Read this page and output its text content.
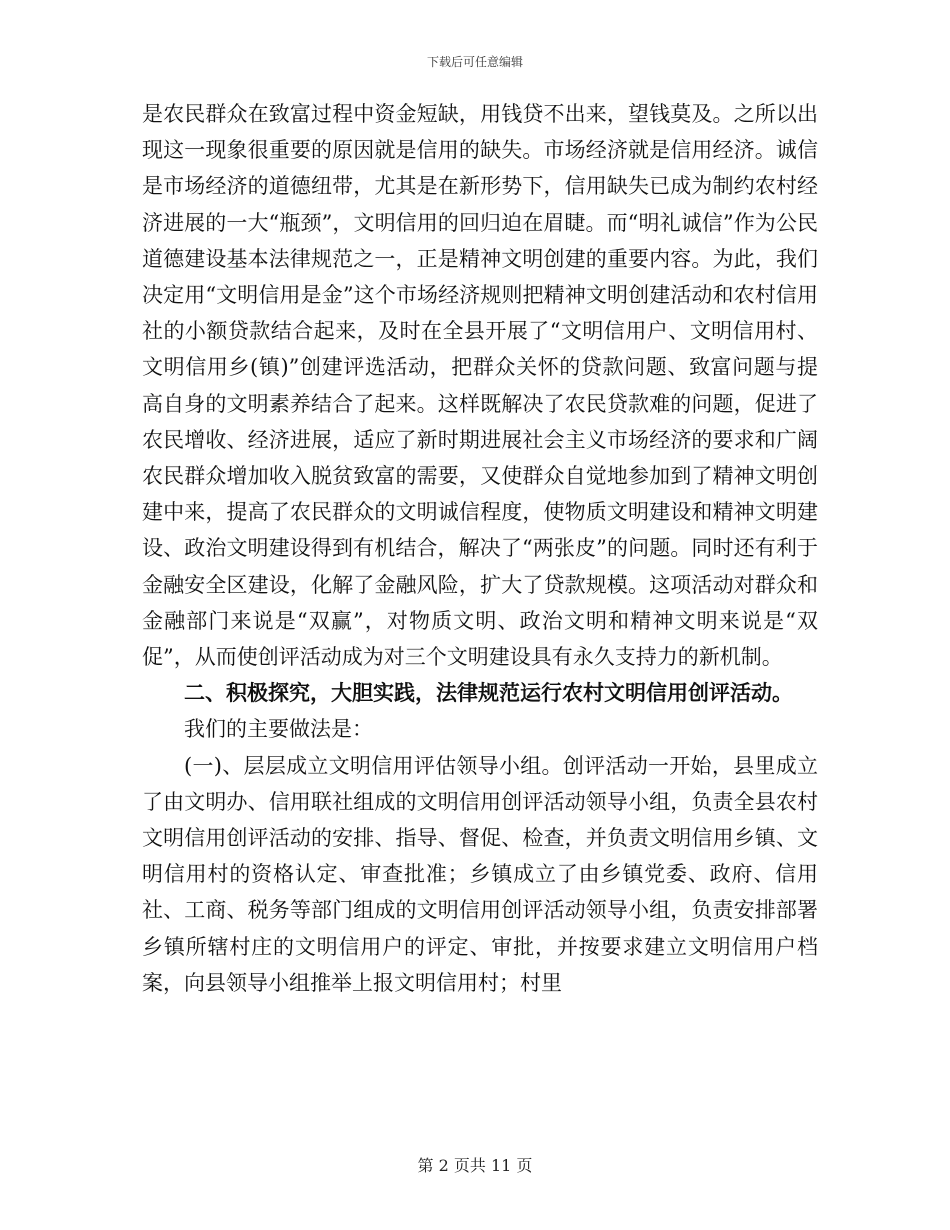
下载后可任意编辑

是农民群众在致富过程中资金短缺，用钱贷不出来，望钱莫及。之所以出现这一现象很重要的原因就是信用的缺失。市场经济就是信用经济。诚信是市场经济的道德纽带，尤其是在新形势下，信用缺失已成为制约农村经济进展的一大“瓶颈”，文明信用的回归迫在眉睫。而“明礼诚信”作为公民道德建设基本法律规范之一，正是精神文明创建的重要内容。为此，我们决定用“文明信用是金”这个市场经济规则把精神文明创建活动和农村信用社的小额贷款结合起来，及时在全县开展了“文明信用户、文明信用村、文明信用乡(镇)”创建评选活动，把群众关怀的贷款问题、致富问题与提高自身的文明素养结合了起来。这样既解决了农民贷款难的问题，促进了农民增收、经济进展，适应了新时期进展社会主义市场经济的要求和广阔农民群众增加收入脱贫致富的需要，又使群众自觉地参加到了精神文明创建中来，提高了农民群众的文明诚信程度，使物质文明建设和精神文明建设、政治文明建设得到有机结合，解决了“两张皮”的问题。同时还有利于金融安全区建设，化解了金融风险，扩大了贷款规模。这项活动对群众和金融部门来说是“双赢”，对物质文明、政治文明和精神文明来说是“双促”，从而使创评活动成为对三个文明建设具有永久支持力的新机制。

二、积极探究，大胆实践，法律规范运行农村文明信用创评活动。

我们的主要做法是：

(一)、层层成立文明信用评估领导小组。创评活动一开始，县里成立了由文明办、信用联社组成的文明信用创评活动领导小组，负责全县农村文明信用创评活动的安排、指导、督促、检查，并负责文明信用乡镇、文明信用村的资格认定、审查批准；乡镇成立了由乡镇党委、政府、信用社、工商、税务等部门组成的文明信用创评活动领导小组，负责安排部署乡镇所辖村庄的文明信用户的评定、审批，并按要求建立文明信用户档案，向县领导小组推举上报文明信用村；村里

第 2 页共 11 页
